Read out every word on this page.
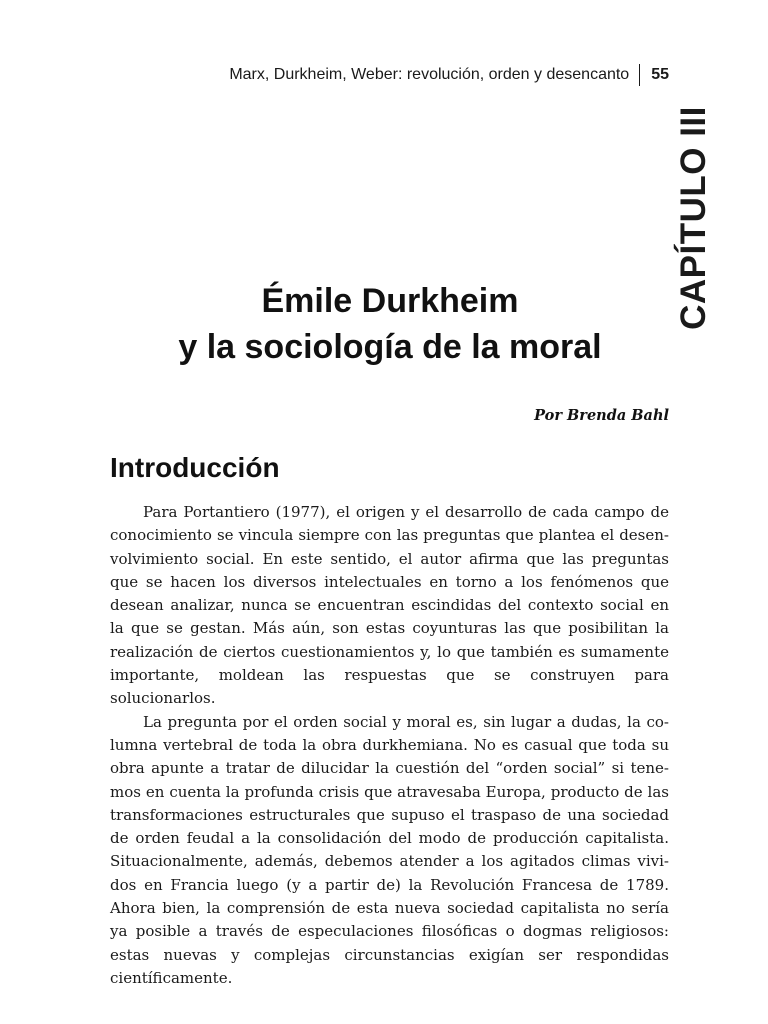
Marx, Durkheim, Weber: revolución, orden y desencanto 55
CAPÍTULO III
Émile Durkheim
y la sociología de la moral
Por Brenda Bahl
Introducción

Para Portantiero (1977), el origen y el desarrollo de cada campo de conocimiento se vincula siempre con las preguntas que plantea el desenvolvimiento social. En este sentido, el autor afirma que las preguntas que se hacen los diversos intelectuales en torno a los fenómenos que desean analizar, nunca se encuentran escindidas del contexto social en la que se gestan. Más aún, son estas coyunturas las que posibilitan la realización de ciertos cuestionamientos y, lo que también es sumamente importante, moldean las respuestas que se construyen para solucionarlos.

La pregunta por el orden social y moral es, sin lugar a dudas, la columna vertebral de toda la obra durkhemiana. No es casual que toda su obra apunte a tratar de dilucidar la cuestión del “orden social” si tenemos en cuenta la profunda crisis que atravesaba Europa, producto de las transformaciones estructurales que supuso el traspaso de una sociedad de orden feudal a la consolidación del modo de producción capitalista. Situacionalmente, además, debemos atender a los agitados climas vividos en Francia luego (y a partir de) la Revolución Francesa de 1789. Ahora bien, la comprensión de esta nueva sociedad capitalista no sería ya posible a través de especulaciones filosóficas o dogmas religiosos: estas nuevas y complejas circunstancias exigían ser respondidas científicamente.
